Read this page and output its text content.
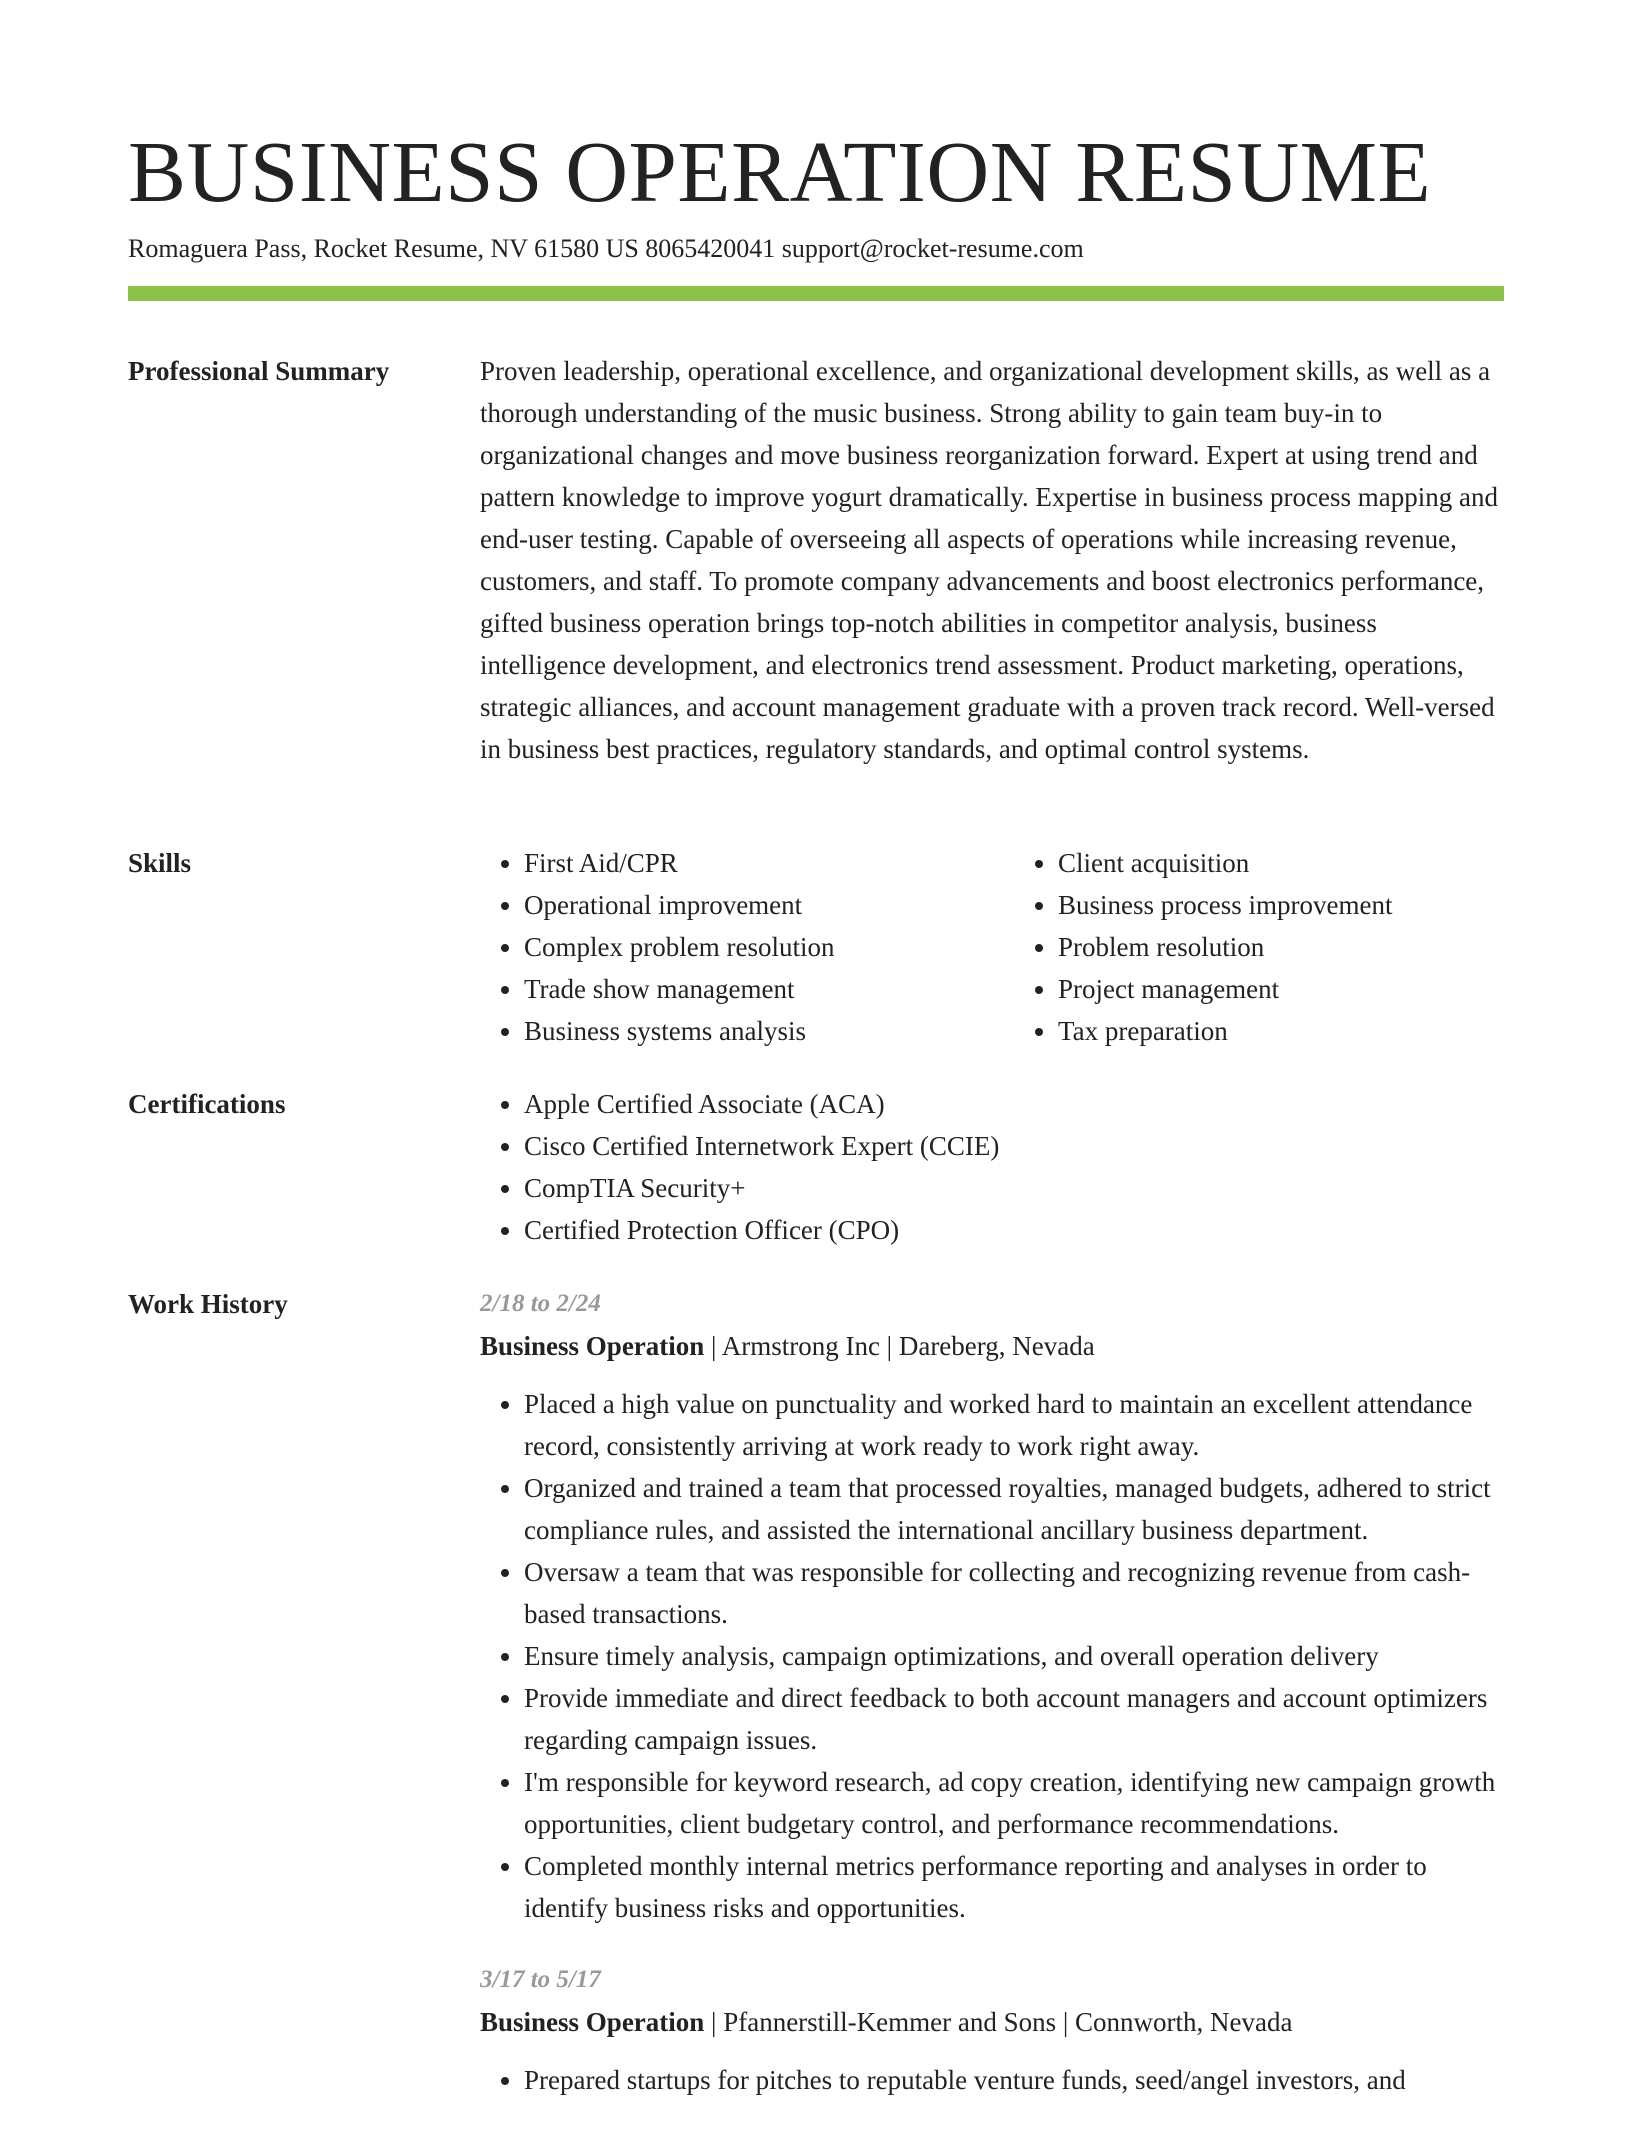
BUSINESS OPERATION RESUME
Romaguera Pass, Rocket Resume, NV 61580 US 8065420041 support@rocket-resume.com
Professional Summary	Proven leadership, operational excellence, and organizational development skills, as well as a thorough understanding of the music business. Strong ability to gain team buy-in to organizational changes and move business reorganization forward. Expert at using trend and pattern knowledge to improve yogurt dramatically. Expertise in business process mapping and end-user testing. Capable of overseeing all aspects of operations while increasing revenue, customers, and staff. To promote company advancements and boost electronics performance, gifted business operation brings top-notch abilities in competitor analysis, business intelligence development, and electronics trend assessment. Product marketing, operations, strategic alliances, and account management graduate with a proven track record. Well-versed in business best practices, regulatory standards, and optimal control systems.

Skills	• First Aid/CPR
• Operational improvement
• Complex problem resolution
• Trade show management
• Business systems analysis
• Client acquisition
• Business process improvement
• Problem resolution
• Project management
• Tax preparation
Certifications	• Apple Certified Associate (ACA)
• Cisco Certified Internetwork Expert (CCIE)
• CompTIA Security+
• Certified Protection Officer (CPO)
Work History	2/18 to 2/24
Business Operation | Armstrong Inc | Dareberg, Nevada
• Placed a high value on punctuality and worked hard to maintain an excellent attendance record, consistently arriving at work ready to work right away.
• Organized and trained a team that processed royalties, managed budgets, adhered to strict compliance rules, and assisted the international ancillary business department.
• Oversaw a team that was responsible for collecting and recognizing revenue from cash-based transactions.
• Ensure timely analysis, campaign optimizations, and overall operation delivery
• Provide immediate and direct feedback to both account managers and account optimizers regarding campaign issues.
• I'm responsible for keyword research, ad copy creation, identifying new campaign growth opportunities, client budgetary control, and performance recommendations.
• Completed monthly internal metrics performance reporting and analyses in order to identify business risks and opportunities.
3/17 to 5/17
Business Operation | Pfannerstill-Kemmer and Sons | Connworth, Nevada
• Prepared startups for pitches to reputable venture funds, seed/angel investors, and
